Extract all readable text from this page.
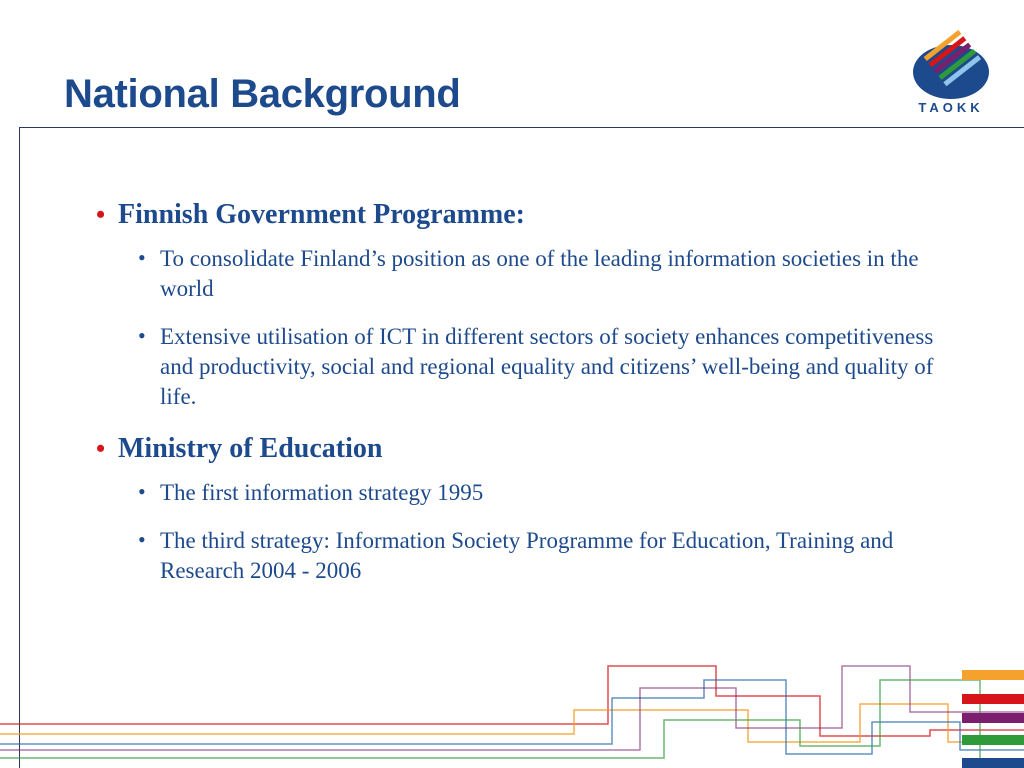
National Background	TAOKK
• Finnish Government Programme:
• To consolidate Finland’s position as one of the leading information societies in the world
• Extensive utilisation of ICT in different sectors of society enhances competitiveness and productivity, social and regional equality and citizens’ well-being and quality of life.
• Ministry of Education
• The first information strategy 1995
• The third strategy: Information Society Programme for Education, Training and Research 2004 - 2006
